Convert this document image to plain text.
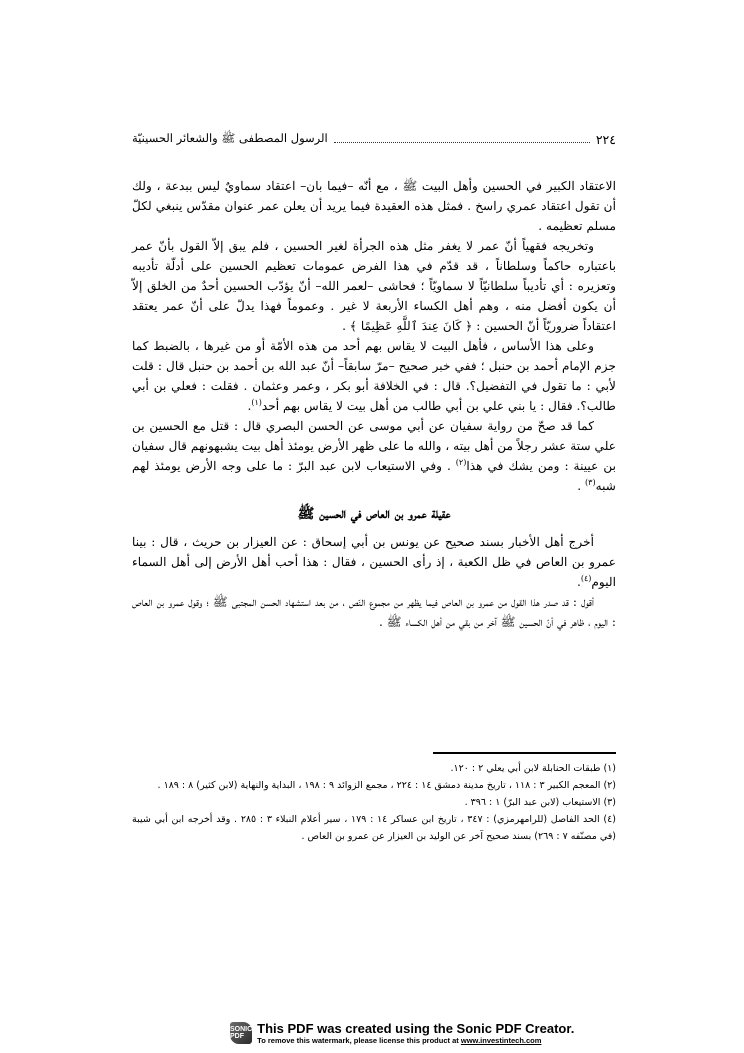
٢٢٤
الرسول المصطفى ﷺ والشعائر الحسينيّة

الاعتقاد الكبير في الحسين وأهل البيت ﷺ ، مع أنّه –فيما بان– اعتقاد سماويٌ ليس ببدعة ، ولك أن تقول اعتقاد عمري راسخ . فمثل هذه العقيدة فيما يريد أن يعلن عمر عنوان مقدّس ينبغي لكلّ مسلم تعظيمه .

وتخريجه فقهياً أنّ عمر لا يغفر مثل هذه الجرأة لغير الحسين ، فلم يبق إلاّ القول بأنّ عمر باعتباره حاكماً وسلطاناً ، قد قدّم في هذا الفرض عمومات تعظيم الحسين على أدلّة تأديبه وتعزيره : أي تأديباً سلطانيّاً لا سماويّاً ؛ فحاشى –لعمر الله– أنّ يؤدّب الحسين أحدٌ من الخلق إلاّ أن يكون أفضل منه ، وهم أهل الكساء الأربعة لا غير . وعموماً فهذا يدلّ على أنّ عمر يعتقد اعتقاداً ضروريّاً أنّ الحسين : ﴿ كَانَ عِندَ ٱللَّهِ عَظِيمًا ﴾ .

وعلى هذا الأساس ، فأهل البيت لا يقاس بهم أحد من هذه الأمّة أو من غيرها ، بالضبط كما جزم الإمام أحمد بن حنبل ؛ ففي خبر صحيح –مرّ سابقاً– أنّ عبد الله بن أحمد بن حنبل قال : قلت لأبي : ما تقول في التفضيل؟. قال : في الخلافة أبو بكر ، وعمر وعثمان . فقلت : فعلي بن أبي طالب؟. فقال : يا بني علي بن أبي طالب من أهل بيت لا يقاس بهم أحد$^{(١)}$.

كما قد صحّ من رواية سفيان عن أبي موسى عن الحسن البصري قال : قتل مع الحسين بن علي ستة عشر رجلاً من أهل بيته ، والله ما على ظهر الأرض يومئذ أهل بيت يشبهونهم قال سفيان بن عيينة : ومن يشك في هذا$^{(٢)}$ . وفي الاستيعاب لابن عبد البرّ : ما على وجه الأرض يومئذ لهم شبه$^{(٣)}$ .

عقيلة عمرو بن العاص في الحسين ﷺ

أخرج أهل الأخبار بسند صحيح عن يونس بن أبي إسحاق : عن العيزار بن حريث ، قال : بينا عمرو بن العاص في ظل الكعبة ، إذ رأى الحسين ، فقال : هذا أحب أهل الأرض إلى أهل السماء اليوم$^{(٤)}$.

أقول : قد صدر هذا القول من عمرو بن العاص فيما يظهر من مجموع النّص ، من بعد استشهاد الحسن المجتبى ﷺ ؛ وقول عمرو بن العاص : اليوم ، ظاهر في أنّ الحسين ﷺ آخر من بقي من أهل الكساء ﷺ .

(١) طبقات الحنابلة لابن أبي يعلي ٢ : ١٢٠.

(٢) المعجم الكبير ٣ : ١١٨ ، تاريخ مدينة دمشق ١٤ : ٢٢٤ ، مجمع الزوائد ٩ : ١٩٨ ، البداية والنهاية (لابن كثير) ٨ : ١٨٩ .

(٣) الاستيعاب (لابن عبد البرّ) ١ : ٣٩٦ .

(٤) الحد الفاصل (للرامهرمزي) : ٣٤٧ ، تاريخ ابن عساكر ١٤ : ١٧٩ ، سير أعلام النبلاء ٣ : ٢٨٥ . وقد أخرجه ابن أبي شيبة (في مصنّفه ٧ : ٢٦٩) بسند صحيح آخر عن الوليد بن العيزار عن عمرو بن العاص .

SONIC PDF
This PDF was created using the Sonic PDF Creator.
To remove this watermark, please license this product at www.investintech.com
